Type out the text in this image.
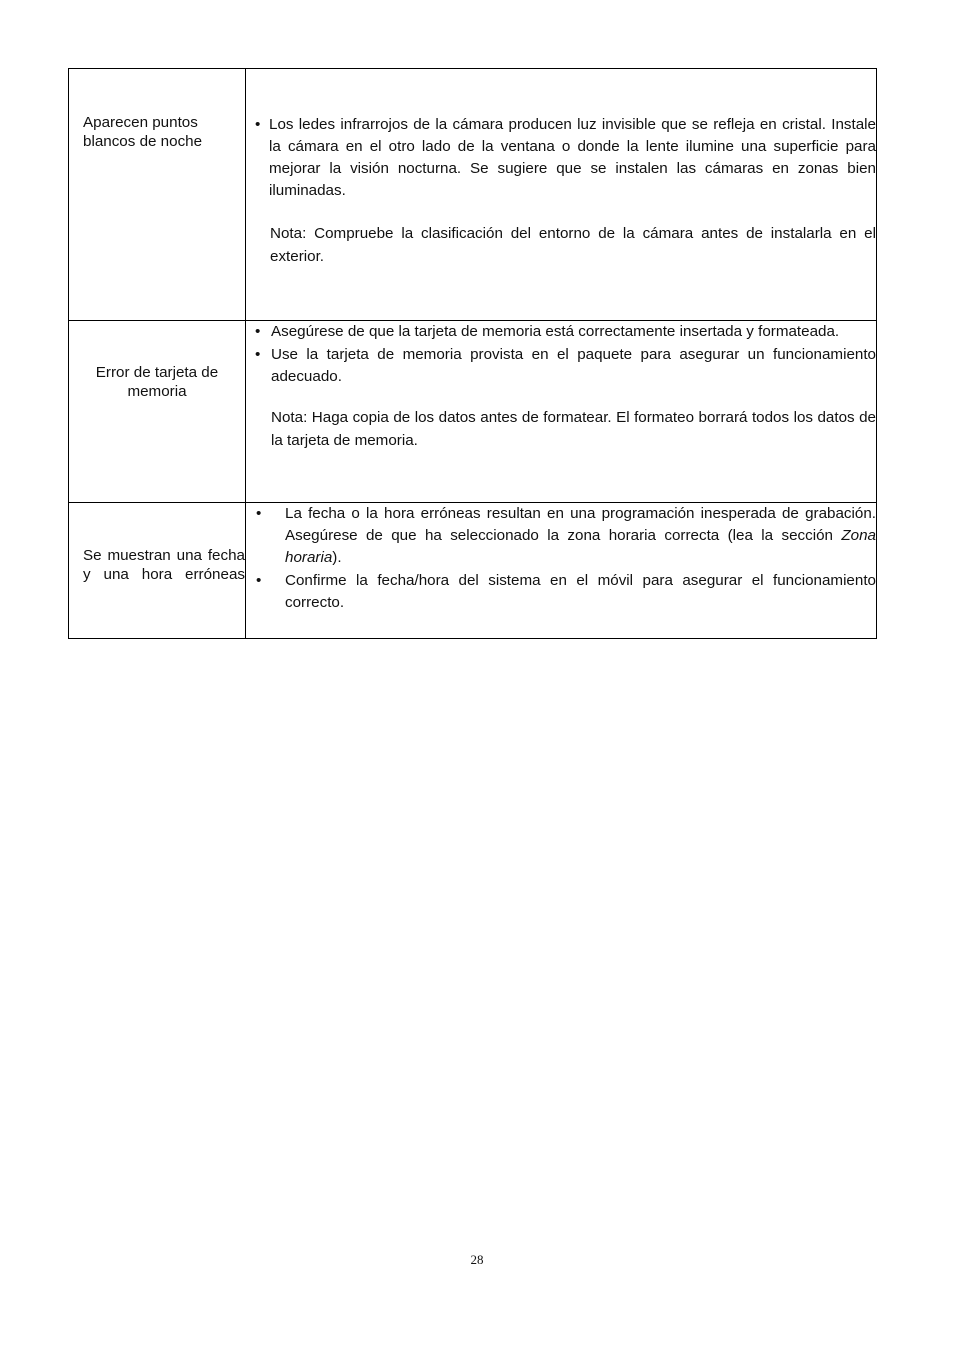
Aparecen puntos blancos de noche
• Los ledes infrarrojos de la cámara producen luz invisible que se refleja en cristal. Instale la cámara en el otro lado de la ventana o donde la lente ilumine una superficie para mejorar la visión nocturna. Se sugiere que se instalen las cámaras en zonas bien iluminadas.
Nota: Compruebe la clasificación del entorno de la cámara antes de instalarla en el exterior.
Error de tarjeta de memoria
• Asegúrese de que la tarjeta de memoria está correctamente insertada y formateada.
• Use la tarjeta de memoria provista en el paquete para asegurar un funcionamiento adecuado.
Nota: Haga copia de los datos antes de formatear. El formateo borrará todos los datos de la tarjeta de memoria.
Se muestran una fecha y una hora erróneas
•	La fecha o la hora erróneas resultan en una programación inesperada de grabación. Asegúrese de que ha seleccionado la zona horaria correcta (lea la sección Zona horaria).
•	Confirme la fecha/hora del sistema en el móvil para asegurar el funcionamiento correcto.
28
